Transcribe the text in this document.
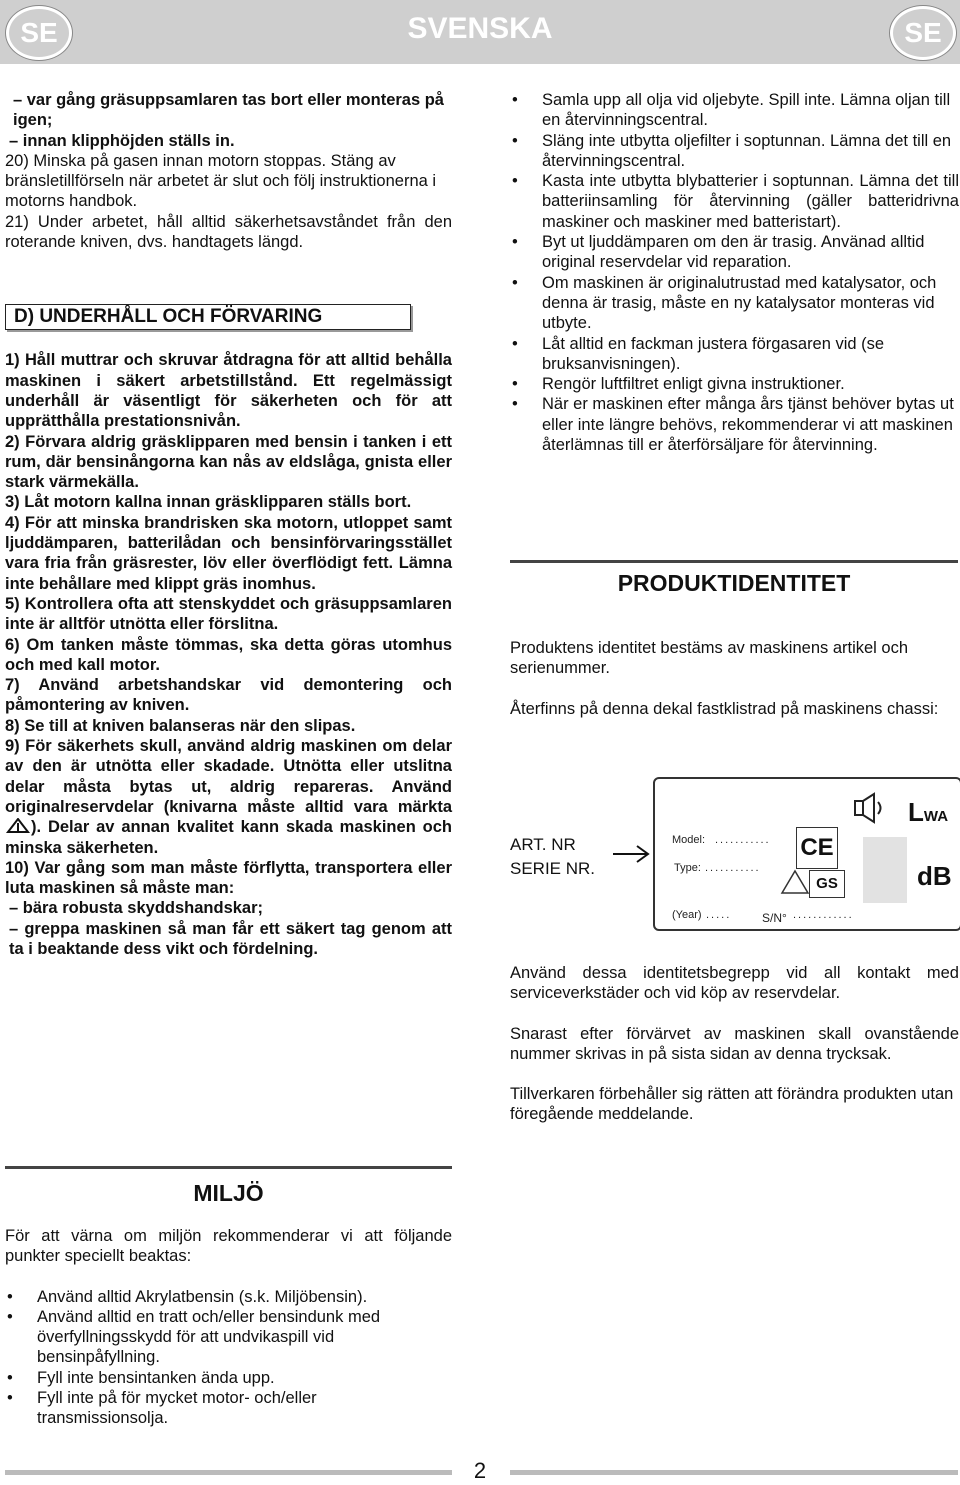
SE	SVENSKA	SE

– var gång gräsuppsamlaren tas bort eller monteras på igen;

– innan klipphöjden ställs in.

20) Minska på gasen innan motorn stoppas. Stäng av bränsletillförseln när arbetet är slut och följ instruktionerna i motorns handbok.

21) Under arbetet, håll alltid säkerhetsavståndet från den roterande kniven, dvs. handtagets längd.

D) UNDERHÅLL OCH FÖRVARING

1) Håll muttrar och skruvar åtdragna för att alltid behålla maskinen i säkert arbetstillstånd. Ett regelmässigt underhåll är väsentligt för säkerheten och för att upprätthålla prestationsnivån.

2) Förvara aldrig gräsklipparen med bensin i tanken i ett rum, där bensinångorna kan nås av eldslåga, gnista eller stark värmekälla.

3) Låt motorn kallna innan gräsklipparen ställs bort.

4) För att minska brandrisken ska motorn, utloppet samt ljuddämparen, batterilådan och bensinförvaringsstället vara fria från gräsrester, löv eller överflödigt fett. Lämna inte behållare med klippt gräs inomhus.

5) Kontrollera ofta att stenskyddet och gräsuppsamlaren inte är alltför utnötta eller förslitna.

6) Om tanken måste tömmas, ska detta göras utomhus och med kall motor.

7) Använd arbetshandskar vid demontering och påmontering av kniven.

8) Se till at kniven balanseras när den slipas.

9) För säkerhets skull, använd aldrig maskinen om delar av den är utnötta eller skadade. Utnötta eller utslitna delar måsta bytas ut, aldrig repareras. Använd originalreservdelar (knivarna måste alltid vara märkta ). Delar av annan kvalitet kann skada maskinen och minska säkerheten.

10) Var gång som man måste förflytta, transportera eller luta maskinen så måste man:

– bära robusta skyddshandskar;

– greppa maskinen så man får ett säkert tag genom att ta i beaktande dess vikt och fördelning.

MILJÖ

För att värna om miljön rekommenderar vi att följande punkter speciellt beaktas:

• Använd alltid Akrylatbensin (s.k. Miljöbensin).
• Använd alltid en tratt och/eller bensindunk med överfyllningsskydd för att undvikaspill vid bensinpåfyllning.
• Fyll inte bensintanken ända upp.
• Fyll inte på för mycket motor- och/eller transmissionsolja.
• Samla upp all olja vid oljebyte. Spill inte. Lämna oljan till en återvinningscentral.
• Släng inte utbytta oljefilter i soptunnan. Lämna det till en återvinningscentral.
• Kasta inte utbytta blybatterier i soptunnan. Lämna det till batteriinsamling för återvinning (gäller batteridrivna maskiner och maskiner med batteristart).
• Byt ut ljuddämparen om den är trasig. Använad alltid original reservdelar vid reparation.
• Om maskinen är originalutrustad med katalysator, och denna är trasig, måste en ny katalysator monteras vid utbyte.
• Låt alltid en fackman justera förgasaren vid (se bruksanvisningen).
• Rengör luftfiltret enligt givna instruktioner.
• När er maskinen efter många års tjänst behöver bytas ut eller inte längre behövs, rekommenderar vi att maskinen återlämnas till er återförsäljare för återvinning.
PRODUKTIDENTITET

Produktens identitet bestäms av maskinens artikel och serienummer.

Återfinns på denna dekal fastklistrad på maskinens chassi:

ART. NR
SERIE NR.
Model: ...........
Type: ...........
(Year) .....	S/N° ............
CE
GS
LWA
dB

Använd dessa identitetsbegrepp vid all kontakt med serviceverkstäder och vid köp av reservdelar.

Snarast efter förvärvet av maskinen skall ovanstående nummer skrivas in på sista sidan av denna trycksak.

Tillverkaren förbehåller sig rätten att förändra produkten utan föregående meddelande.

2
